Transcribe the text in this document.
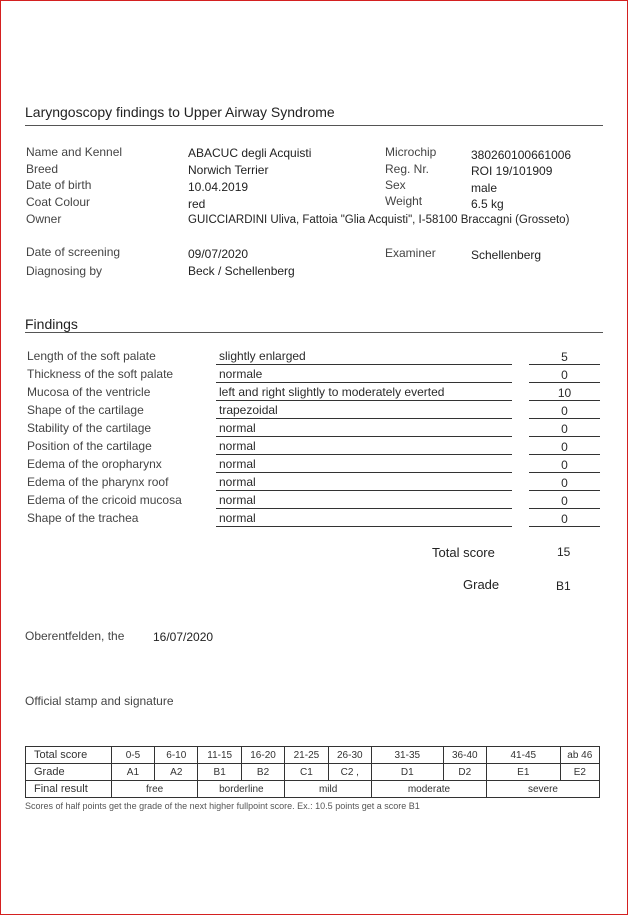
Laryngoscopy findings to Upper Airway Syndrome
Name and Kennel	ABACUC degli Acquisti
Breed	Norwich Terrier
Date of birth	10.04.2019
Coat Colour	red
Owner	GUICCIARDINI Uliva, Fattoia "Glia Acquisti", I-58100 Braccagni (Grosseto)
Microchip	380260100661006
Reg. Nr.	ROI 19/101909
Sex	male
Weight	6.5 kg
Date of screening	09/07/2020
Diagnosing by	Beck / Schellenberg
Examiner	Schellenberg
Findings
Length of the soft palate	slightly enlarged	5
Thickness of the soft palate	normale	0
Mucosa of the ventricle	left and right slightly to moderately everted	10
Shape of the cartilage	trapezoidal	0
Stability of the cartilage	normal	0
Position of the cartilage	normal	0
Edema of the oropharynx	normal	0
Edema of the pharynx roof	normal	0
Edema of the cricoid mucosa	normal	0
Shape of the trachea	normal	0
Total score	15
Grade	B1
Oberentfelden, the 16/07/2020
Official stamp and signature
Total score	0-5	6-10	11-15	16-20	21-25	26-30	31-35	36-40	41-45	ab 46
Grade	A1	A2	B1	B2	C1	C2 ,	D1	D2	E1	E2
Final result	free		borderline		mild		moderate		severe	
Scores of half points get the grade of the next higher fullpoint score. Ex.: 10.5 points get a score B1
